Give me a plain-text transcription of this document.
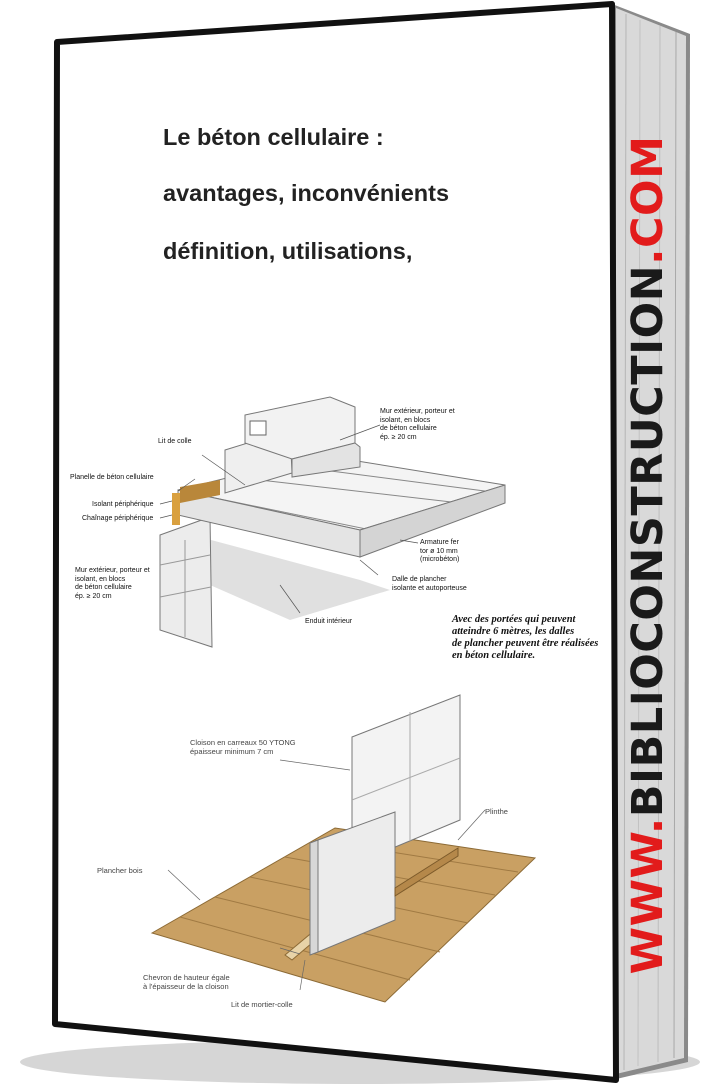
Le béton cellulaire :
avantages, inconvénients
définition, utilisations,
Mur extérieur, porteur et
isolant, en blocs
de béton cellulaire
ép. ≥ 20 cm
Lit de colle
Planelle de béton cellulaire
Isolant périphérique
Chaînage périphérique
Mur extérieur, porteur et
isolant, en blocs
de béton cellulaire
ép. ≥ 20 cm
Armature fer
tor ø 10 mm
(microbéton)
Dalle de plancher
isolante et autoporteuse
Enduit intérieur	Avec des portées qui peuvent
atteindre 6 mètres, les dalles
de plancher peuvent être réalisées
en béton cellulaire.
Cloison en carreaux 50 YTONG
épaisseur minimum 7 cm
Plinthe
Plancher bois
Chevron de hauteur égale
à l'épaisseur de la cloison
Lit de mortier-colle
WWW.BIBLIOCONSTRUCTION.COM
